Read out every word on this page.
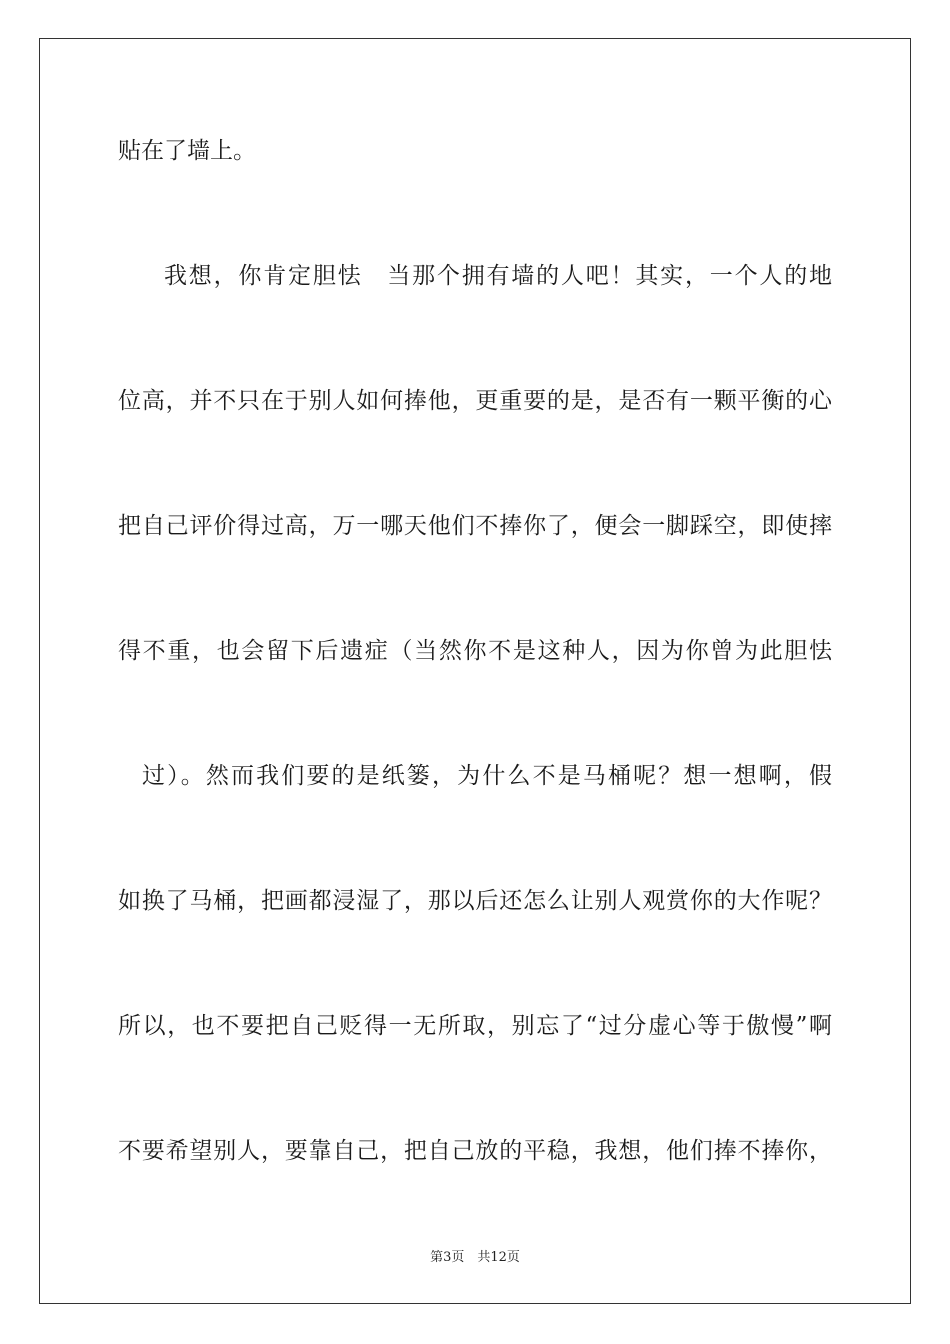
贴在了墙上。
我想，你肯定胆怯　当那个拥有墙的人吧！其实，一个人的地
位高，并不只在于别人如何捧他，更重要的是，是否有一颗平衡的心
把自己评价得过高，万一哪天他们不捧你了，便会一脚踩空，即使摔
得不重，也会留下后遗症（当然你不是这种人，因为你曾为此胆怯
过）。然而我们要的是纸篓，为什么不是马桶呢？想一想啊，假
如换了马桶，把画都浸湿了，那以后还怎么让别人观赏你的大作呢？
所以，也不要把自己贬得一无所取，别忘了“过分虚心等于傲慢”啊
不要希望别人，要靠自己，把自己放的平稳，我想，他们捧不捧你，
第3页　共12页
